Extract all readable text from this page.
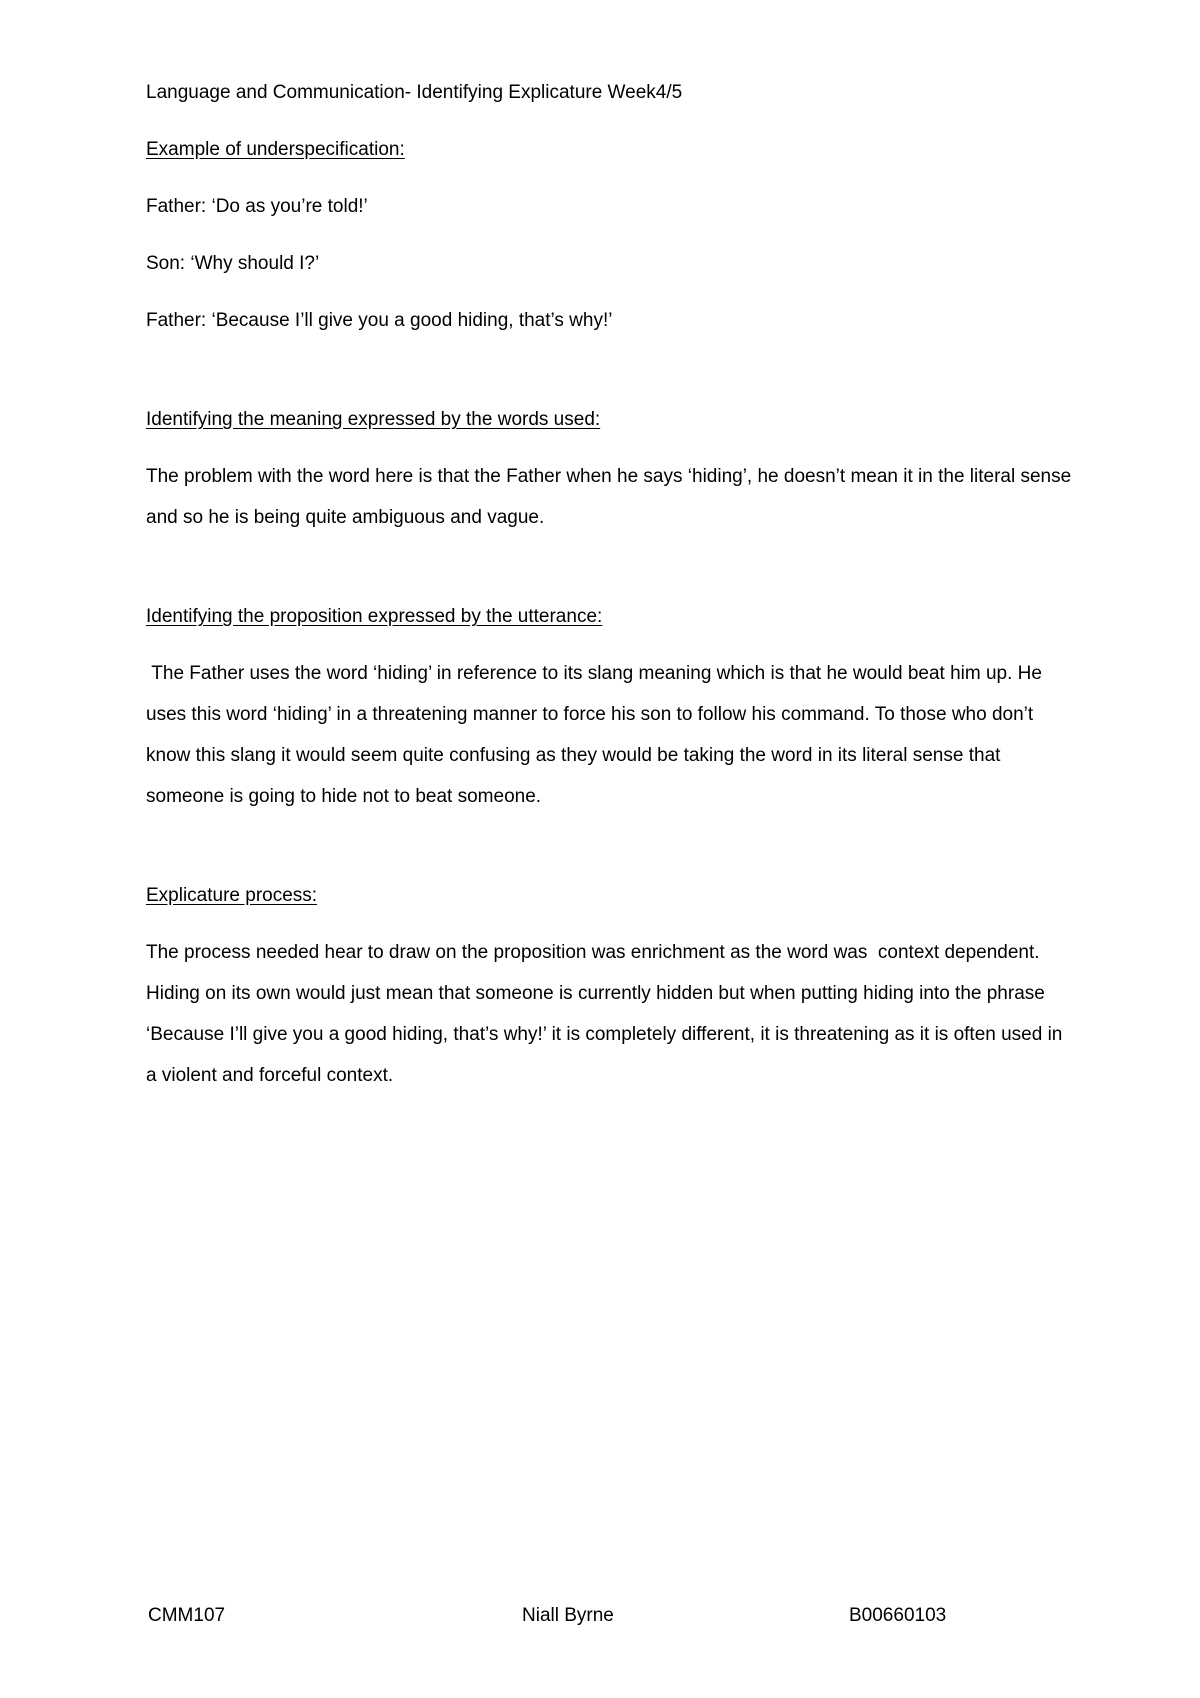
Language and Communication- Identifying Explicature Week4/5

Example of underspecification:

Father: ‘Do as you’re told!’

Son: ‘Why should I?’

Father: ‘Because I’ll give you a good hiding, that’s why!’

Identifying the meaning expressed by the words used:

The problem with the word here is that the Father when he says ‘hiding’, he doesn’t mean it in the literal sense and so he is being quite ambiguous and vague.

Identifying the proposition expressed by the utterance:

The Father uses the word ‘hiding’ in reference to its slang meaning which is that he would beat him up. He uses this word ‘hiding’ in a threatening manner to force his son to follow his command. To those who don’t know this slang it would seem quite confusing as they would be taking the word in its literal sense that someone is going to hide not to beat someone.

Explicature process:

The process needed hear to draw on the proposition was enrichment as the word was  context dependent. Hiding on its own would just mean that someone is currently hidden but when putting hiding into the phrase ‘Because I’ll give you a good hiding, that’s why!’ it is completely different, it is threatening as it is often used in a violent and forceful context.

CMM107	Niall Byrne	B00660103
